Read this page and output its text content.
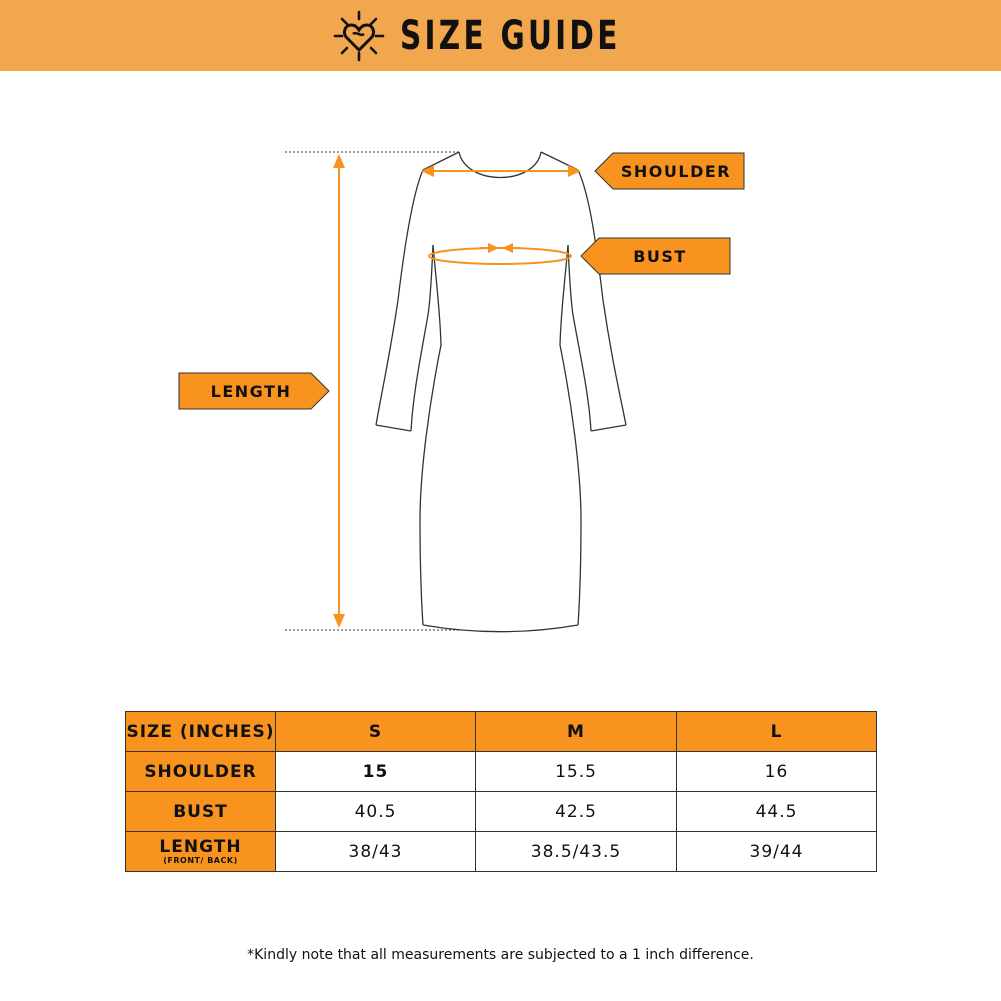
SIZE GUIDE
SHOULDER
BUST
LENGTH
SIZE (INCHES)	S	M	L
SHOULDER	15	15.5	16
BUST	40.5	42.5	44.5

LENGTH
(FRONT/ BACK)	38/43	38.5/43.5	39/44
*Kindly note that all measurements are subjected to a 1 inch difference.
